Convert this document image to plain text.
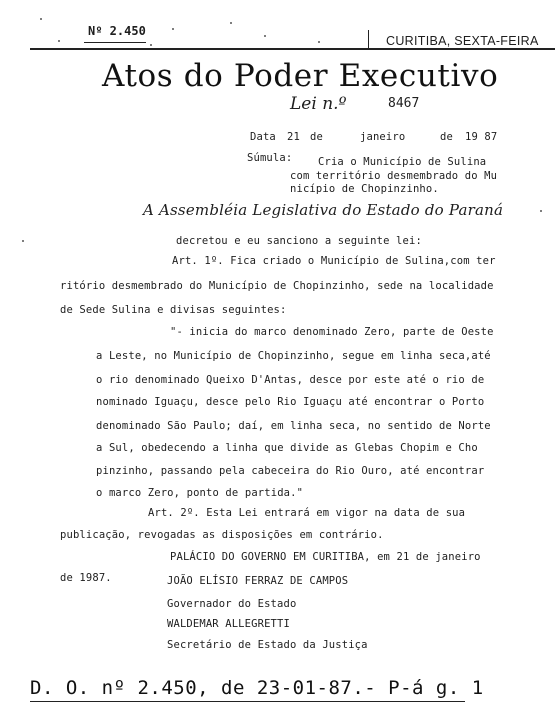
Nº 2.450
CURITIBA, SEXTA-FEIRA
Atos do Poder Executivo
Lei n.º	8467
Data 21 de	janeiro	de 19 87
Súmula: Cria o Município de Sulina
com território desmembrado do Mu
nicípio de Chopinzinho.
A Assembléia Legislativa do Estado do Paraná
decretou e eu sanciono a seguinte lei:
Art. 1º. Fica criado o Município de Sulina,com ter
ritório desmembrado do Município de Chopinzinho, sede na localidade
de Sede Sulina e divisas seguintes:
"- inicia do marco denominado Zero, parte de Oeste
a Leste, no Município de Chopinzinho, segue em linha seca,até
o rio denominado Queixo D'Antas, desce por este até o rio de
nominado Iguaçu, desce pelo Rio Iguaçu até encontrar o Porto
denominado São Paulo; daí, em linha seca, no sentido de Norte
a Sul, obedecendo a linha que divide as Glebas Chopim e Cho
pinzinho, passando pela cabeceira do Rio Ouro, até encontrar
o marco Zero, ponto de partida."
Art. 2º. Esta Lei entrará em vigor na data de sua
publicação, revogadas as disposições em contrário.
PALÁCIO DO GOVERNO EM CURITIBA, em 21 de janeiro
de 1987.	JOÃO ELÍSIO FERRAZ DE CAMPOS
Governador do Estado
WALDEMAR ALLEGRETTI
Secretário de Estado da Justiça
D. O. nº 2.450, de 23-01-87.- P-á g. 1
